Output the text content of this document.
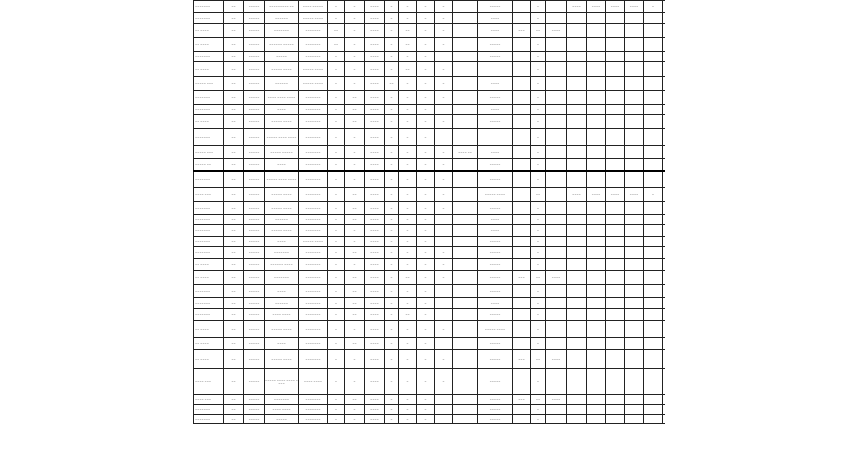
~~~~~~~	~~	~~~~~	~~~~~~~~~ ~~	~~~~ ~~~~~	~	~	~~~~	~	~	~	~		~~~~~		~		~~~~	~~~~	~~~~	~~~~	~		
~~~~~~~	~~	~~~~~	~~~~~~	~~~~~ ~~~~	~	~	~~~~	~	~	~	~		~~~~		~								
~~ ~~~~	~~	~~~~~	~~~~~~~	~~~~~~~	~~	~	~~~~	~	~~	~	~		~~~~	~~~	~~	~~~~							
~~ ~~~~	~~	~~~~~	~~~~~~ ~~~~~	~~~~~~~	~~	~	~~~~	~	~~	~	~		~~~~~		~								
~~~~~~~	~~	~~~~~	~~~~~	~~~~~~~	~	~	~~~~	~	~	~			~~~~~		~								
~~ ~~~~	~~	~~~~~	~~~~~ ~~~~	~~~~~ ~~~~	~	~	~~~~	~	~~	~	~				~								
~~~~~ ~~~	~~	~~~~~	~~~~~~	~~~~~ ~~~~	~	~	~~~~	~~	~	~	~		~~~~		~								
~~~~~~~	~~	~~~~~	~~~~ ~~~~ ~~~~	~~~~~~~	~	~~	~~~~	~	~	~	~		~~~~~		~								
~~~~~~~	~~	~~~~~	~~~~	~~~~~~~	~	~~	~~~~	~	~	~			~~~~		~								
~~ ~~~~	~~	~~~~~	~~~~~ ~~~~	~~~~~~~	~	~~	~~~~	~	~	~	~		~~~~~		~								
~~~~~~~	~~	~~~~~	~~~~~ ~~~~ ~~~~	~~~~~~~	~	~	~~~~	~	~	~					~								
~~~~~ ~~~	~~	~~~~~	~~~~~ ~~~~~	~~~~~~~	~	~	~~~~	~	~	~	~	~~~~ ~~	~~~~		~								
~~~~~ ~~	~~	~~~~~	~~~~	~~~~~~~	~	~	~~~~	~	~	~	~		~~~~~		~								
~~~~~~~	~~	~~~~~	~~~~~ ~~~~ ~~~~	~~~~~~~	~	~	~~~~	~	~	~	~		~~~~~		~								
~~~~ ~~~	~~	~~~~~	~~~~~ ~~~~	~~~~~~~	~	~~	~~~~	~	~	~	~		~~~~~ ~~~~		~~		~~~~	~~~~	~~~~	~~~~	~		
~~~~~~~	~~	~~~~~	~~~~~ ~~~~	~~~~~~~	~	~~	~~~~	~	~	~	~		~~~~~		~								
~~~~~~~	~~	~~~~~	~~~~~~	~~~~~~~	~	~~	~~~~	~	~	~			~~~~		~								
~~~~~~~	~~	~~~~~	~~~~~ ~~~~	~~~~~~~	~	~	~~~~	~	~	~			~~~~		~								
~~~~~~~	~~	~~~~~	~~~~	~~~~~ ~~~~	~	~	~~~~	~	~	~			~~~~~		~								
~~~~~~~	~~	~~~~~	~~~~~~~	~~~~~~~	~	~~	~~~~	~	~	~	~		~~~~~		~								
~~ ~~~~	~~	~~~~~	~~~~~~ ~~~~	~~~~~~~	~	~	~~~~	~	~	~	~		~~~~~		~								
~~ ~~~~	~~	~~~~~	~~~~~~~	~~~~~~~	~	~~	~~~~	~	~~	~	~		~~~~~	~~~	~~	~~~~							
~~~~~~~	~~	~~~~~	~~~~	~~~~~~~	~	~~	~~~~	~	~	~			~~~~~		~								
~~~~~~~	~~	~~~~~	~~~~~~	~~~~~~~	~	~~	~~~~	~	~	~			~~~~		~								
~~~~~~~	~~	~~~~~	~~~~ ~~~~	~~~~~~~	~	~~	~~~~	~	~~	~			~~~~~		~								
~~ ~~~~	~~	~~~~~	~~~~~ ~~~~	~~~~~~~	~	~	~~~~	~	~	~	~		~~~~~ ~~~~		~								
~~ ~~~~	~~	~~~~~	~~~~	~~~~~~~	~	~~	~~~~	~	~	~			~~~~~		~								
~~ ~~~~	~~	~~~~~	~~~~~ ~~~~	~~~~~~~	~	~	~~~~	~	~	~	~		~~~~~	~~~	~~	~~~~							
~~~~ ~~~	~~	~~~~~	~~~~~ ~~~~ ~~~~ ~~~~	~~~~ ~~~~	~	~	~~~~	~	~	~	~		~~~~~		~								
~~~~ ~~~	~~	~~~~~	~~~~~~~	~~~~~~~	~	~~	~~~~	~	~	~			~~~~~	~~~	~~	~~~~							
~~~~~~~	~~	~~~~~	~~~~ ~~~~	~~~~~~~	~	~	~~~~	~	~	~			~~~~~		~								
~~~~~~~	~~	~~~~~	~~~~~	~~~~~~~	~	~	~~~~	~	~	~			~~~~~		~								
